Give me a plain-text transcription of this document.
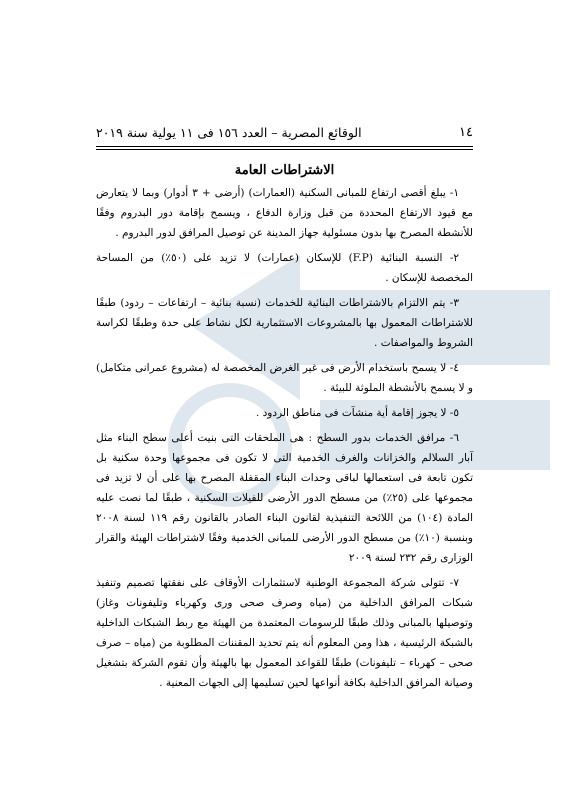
١٤
الوقائع المصرية – العدد ١٥٦ فى ١١ يولية سنة ٢٠١٩
الاشتراطات العامة

١- يبلغ أقصى ارتفاع للمبانى السكنية (العمارات) (أرضى + ٣ أدوار) وبما لا يتعارض مع قيود الارتفاع المحددة من قبل وزارة الدفاع ، ويسمح بإقامة دور البدروم وفقًا للأنشطة المصرح بها بدون مسئولية جهاز المدينة عن توصيل المرافق لدور البدروم .

٢- النسبة البنائية (F.P) للإسكان (عمارات) لا تزيد على (٥٠٪) من المساحة المخصصة للإسكان .

٣- يتم الالتزام بالاشتراطات البنائية للخدمات (نسبة بنائية – ارتفاعات – ردود) طبقًا للاشتراطات المعمول بها بالمشروعات الاستثمارية لكل نشاط على حدة وطبقًا لكراسة الشروط والمواصفات .

٤- لا يسمح باستخدام الأرض فى غير الغرض المخصصة له (مشروع عمرانى متكامل) و لا يسمح بالأنشطة الملوثة للبيئة .

٥- لا يجوز إقامة أية منشآت فى مناطق الردود .

٦- مرافق الخدمات بدور السطح : هى الملحقات التى بنيت أعلى سطح البناء مثل آبار السلالم والخزانات والغرف الخدمية التى لا تكون فى مجموعها وحدة سكنية بل تكون تابعة فى استعمالها لباقى وحدات البناء المقفلة المصرح بها على أن لا تزيد فى مجموعها على (٢٥٪) من مسطح الدور الأرضى للفيلات السكنية ، طبقًا لما نصت عليه المادة (١٠٤) من اللائحة التنفيذية لقانون البناء الصادر بالقانون رقم ١١٩ لسنة ٢٠٠٨ وبنسبة (١٠٪) من مسطح الدور الأرضى للمبانى الخدمية وفقًا لاشتراطات الهيئة والقرار الوزارى رقم ٢٣٢ لسنة ٢٠٠٩

٧- تتولى شركة المجموعة الوطنية لاستثمارات الأوقاف على نفقتها تصميم وتنفيذ شبكات المرافق الداخلية من (مياه وصرف صحى ورى وكهرباء وتليفونات وغاز) وتوصيلها بالمبانى وذلك طبقًا للرسومات المعتمدة من الهيئة مع ربط الشبكات الداخلية بالشبكة الرئيسية ، هذا ومن المعلوم أنه يتم تحديد المقننات المطلوبة من (مياه – صرف صحى – كهرباء – تليفونات) طبقًا للقواعد المعمول بها بالهيئة وأن تقوم الشركة بتشغيل وصيانة المرافق الداخلية بكافة أنواعها لحين تسليمها إلى الجهات المعنية .
